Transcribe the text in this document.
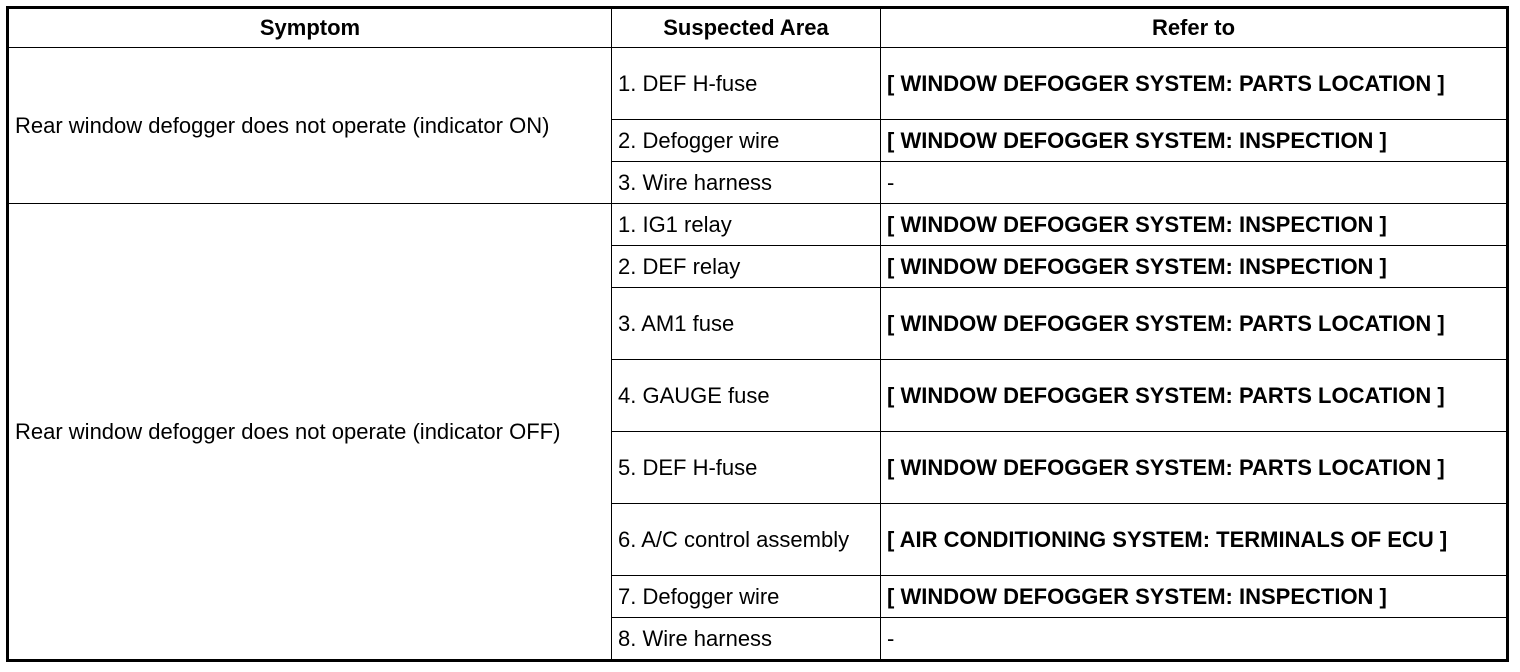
Symptom	Suspected Area	Refer to
Rear window defogger does not operate (indicator ON)	1. DEF H-fuse	[ WINDOW DEFOGGER SYSTEM: PARTS LOCATION ]
	2. Defogger wire	[ WINDOW DEFOGGER SYSTEM: INSPECTION ]
	3. Wire harness	-
Rear window defogger does not operate (indicator OFF)	1. IG1 relay	[ WINDOW DEFOGGER SYSTEM: INSPECTION ]
	2. DEF relay	[ WINDOW DEFOGGER SYSTEM: INSPECTION ]
	3. AM1 fuse	[ WINDOW DEFOGGER SYSTEM: PARTS LOCATION ]
	4. GAUGE fuse	[ WINDOW DEFOGGER SYSTEM: PARTS LOCATION ]
	5. DEF H-fuse	[ WINDOW DEFOGGER SYSTEM: PARTS LOCATION ]
	6. A/C control assembly	[ AIR CONDITIONING SYSTEM: TERMINALS OF ECU ]
	7. Defogger wire	[ WINDOW DEFOGGER SYSTEM: INSPECTION ]
	8. Wire harness	-
